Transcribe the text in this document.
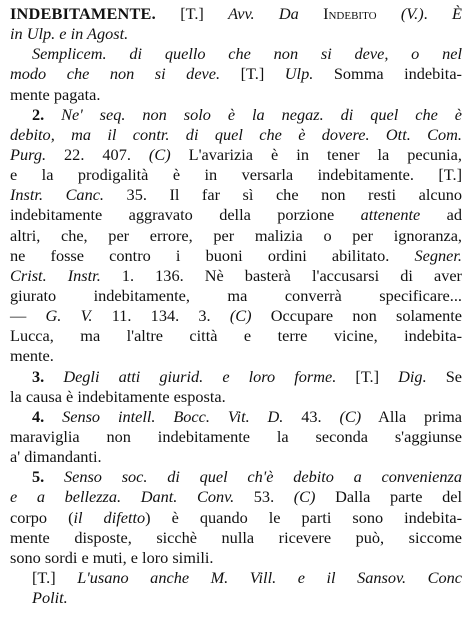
INDEBITAMENTE. [T.] Avv. Da Indebito (V.). È
in Ulp. e in Agost.
Semplicem. di quello che non si deve, o nel
modo che non si deve. [T.] Ulp. Somma indebita-
mente pagata.
2. Ne' seq. non solo è la negaz. di quel che è
debito, ma il contr. di quel che è dovere. Ott. Com.
Purg. 22. 407. (C) L'avarizia è in tener la pecunia,
e la prodigalità è in versarla indebitamente. [T.]
Instr. Canc. 35. Il far sì che non resti alcuno
indebitamente aggravato della porzione attenente ad
altri, che, per errore, per malizia o per ignoranza,
ne fosse contro i buoni ordini abilitato. Segner.
Crist. Instr. 1. 136. Nè basterà l'accusarsi di aver
giurato indebitamente, ma converrà specificare...
— G. V. 11. 134. 3. (C) Occupare non solamente
Lucca, ma l'altre città e terre vicine, indebita-
mente.
3. Degli atti giurid. e loro forme. [T.] Dig. Se
la causa è indebitamente esposta.
4. Senso intell. Bocc. Vit. D. 43. (C) Alla prima
maraviglia non indebitamente la seconda s'aggiunse
a' dimandanti.
5. Senso soc. di quel ch'è debito a convenienza
e a bellezza. Dant. Conv. 53. (C) Dalla parte del
corpo (il difetto) è quando le parti sono indebita-
mente disposte, sicchè nulla ricevere può, siccome
sono sordi e muti, e loro simili.
[T.] L'usano anche M. Vill. e il Sansov. Conc
Polit.
